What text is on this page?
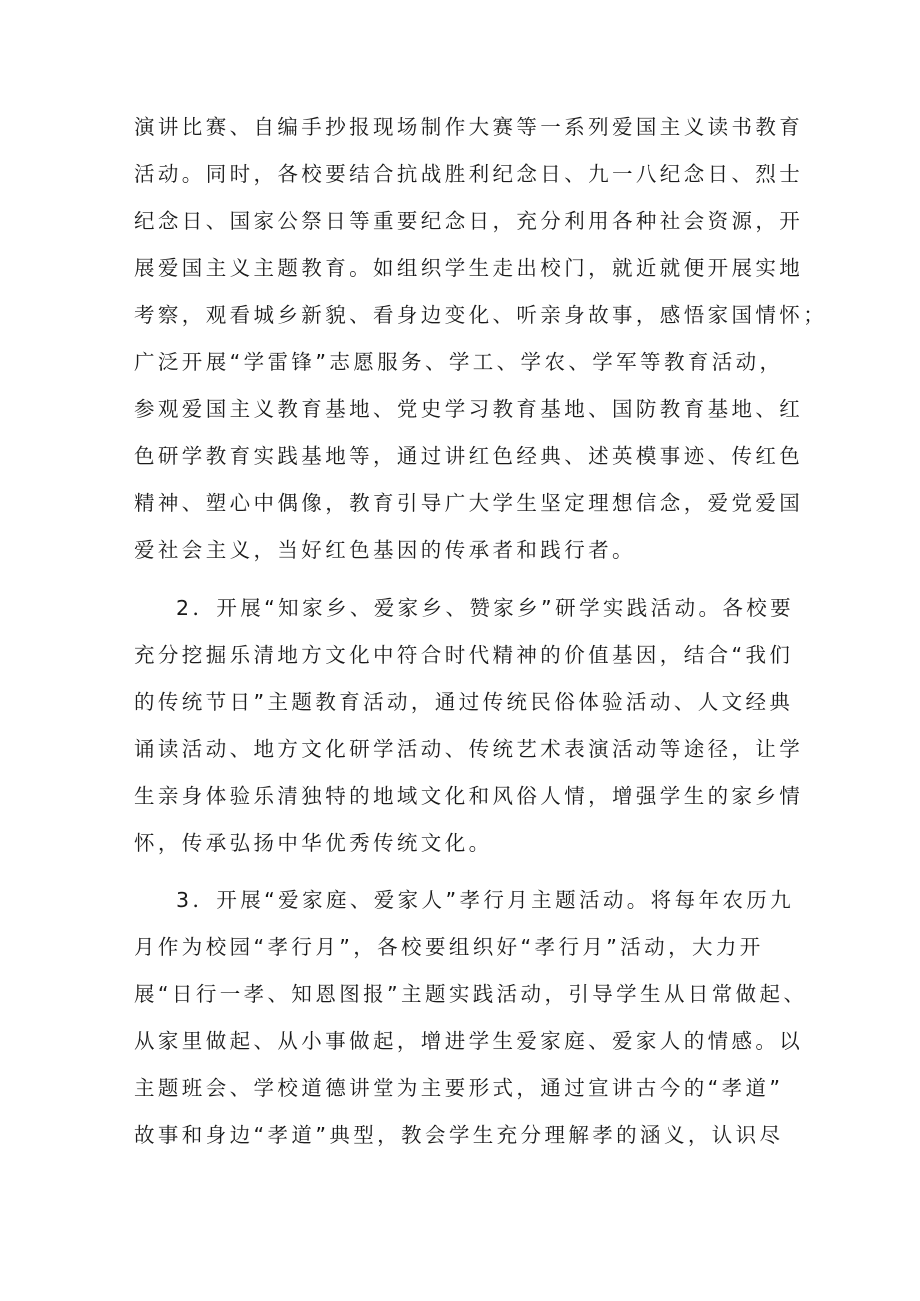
演讲比赛、自编手抄报现场制作大赛等一系列爱国主义读书教育
活动。同时，各校要结合抗战胜利纪念日、九一八纪念日、烈士
纪念日、国家公祭日等重要纪念日，充分利用各种社会资源，开
展爱国主义主题教育。如组织学生走出校门，就近就便开展实地
考察，观看城乡新貌、看身边变化、听亲身故事，感悟家国情怀；
广泛开展“学雷锋”志愿服务、学工、学农、学军等教育活动，
参观爱国主义教育基地、党史学习教育基地、国防教育基地、红
色研学教育实践基地等，通过讲红色经典、述英模事迹、传红色
精神、塑心中偶像，教育引导广大学生坚定理想信念，爱党爱国
爱社会主义，当好红色基因的传承者和践行者。
2．开展“知家乡、爱家乡、赞家乡”研学实践活动。各校要
充分挖掘乐清地方文化中符合时代精神的价值基因，结合“我们
的传统节日”主题教育活动，通过传统民俗体验活动、人文经典
诵读活动、地方文化研学活动、传统艺术表演活动等途径，让学
生亲身体验乐清独特的地域文化和风俗人情，增强学生的家乡情
怀，传承弘扬中华优秀传统文化。
3．开展“爱家庭、爱家人”孝行月主题活动。将每年农历九
月作为校园“孝行月”，各校要组织好“孝行月”活动，大力开
展“日行一孝、知恩图报”主题实践活动，引导学生从日常做起、
从家里做起、从小事做起，增进学生爱家庭、爱家人的情感。以
主题班会、学校道德讲堂为主要形式，通过宣讲古今的“孝道”
故事和身边“孝道”典型，教会学生充分理解孝的涵义，认识尽
